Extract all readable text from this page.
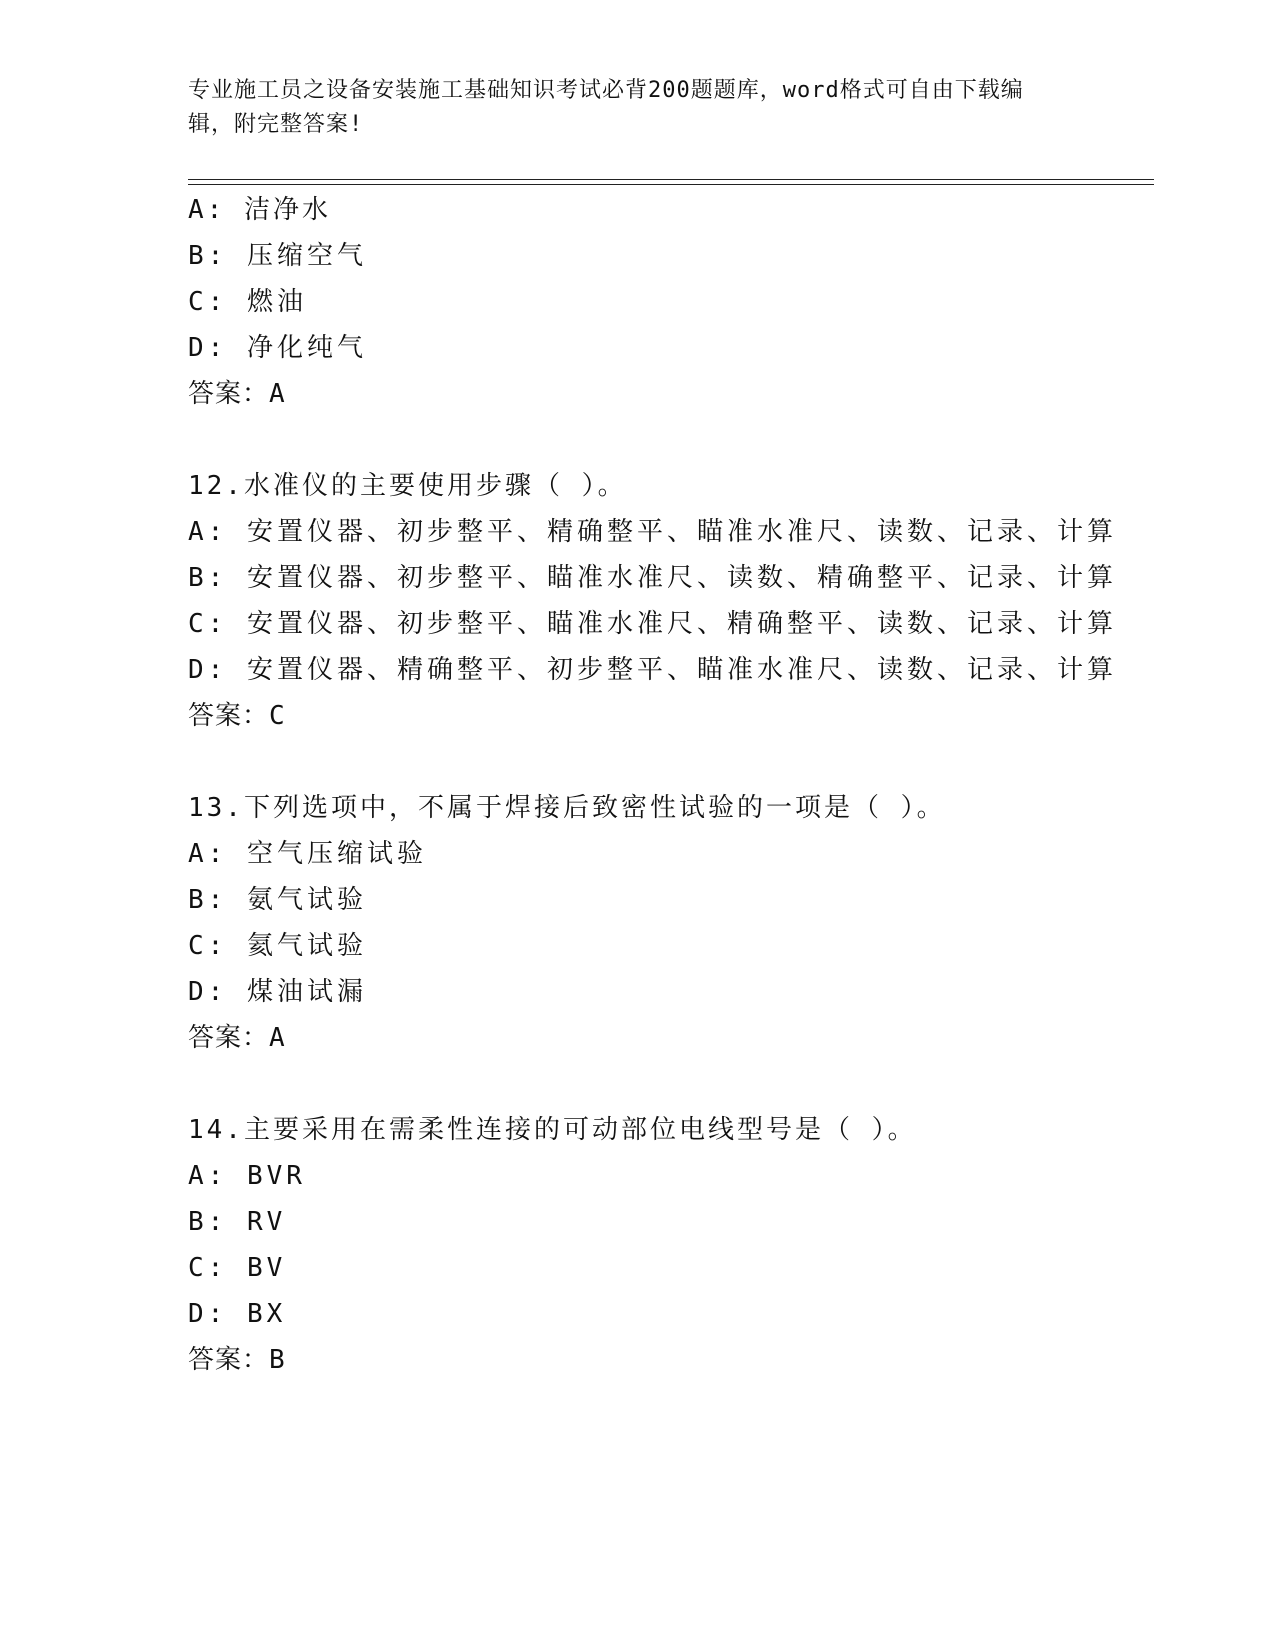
专业施工员之设备安装施工基础知识考试必背200题题库，word格式可自由下载编辑，附完整答案!
A: 洁净水
B: 压缩空气
C: 燃油
D: 净化纯气
答案：A
12.水准仪的主要使用步骤（ ）。
A: 安置仪器、初步整平、精确整平、瞄准水准尺、读数、记录、计算
B: 安置仪器、初步整平、瞄准水准尺、读数、精确整平、记录、计算
C: 安置仪器、初步整平、瞄准水准尺、精确整平、读数、记录、计算
D: 安置仪器、精确整平、初步整平、瞄准水准尺、读数、记录、计算
答案：C
13.下列选项中，不属于焊接后致密性试验的一项是（ ）。
A: 空气压缩试验
B: 氨气试验
C: 氦气试验
D: 煤油试漏
答案：A
14.主要采用在需柔性连接的可动部位电线型号是（ ）。
A: BVR
B: RV
C: BV
D: BX
答案：B
